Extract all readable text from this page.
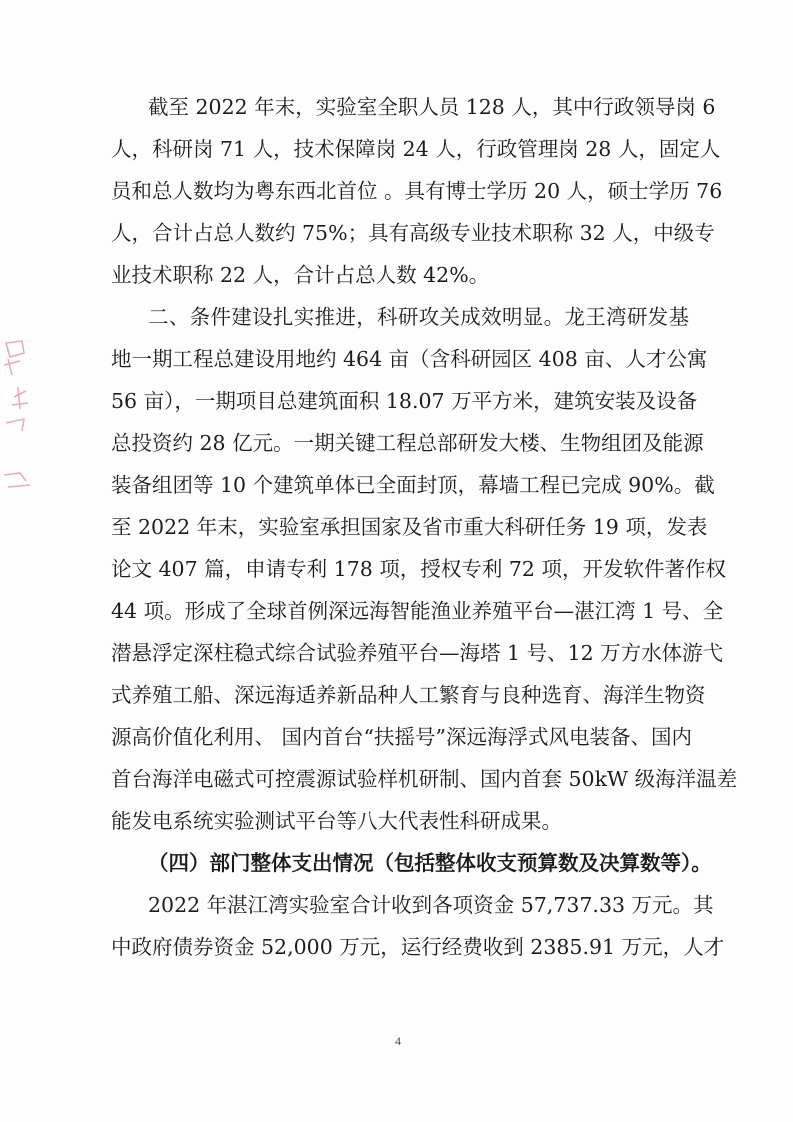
截至 2022 年末，实验室全职人员 128 人，其中行政领导岗 6
人，科研岗 71 人，技术保障岗 24 人，行政管理岗 28 人，固定人
员和总人数均为粤东西北首位 。具有博士学历 20 人，硕士学历 76
人，合计占总人数约 75%；具有高级专业技术职称 32 人，中级专
业技术职称 22 人，合计占总人数 42%。
二、条件建设扎实推进，科研攻关成效明显。龙王湾研发基
地一期工程总建设用地约 464 亩（含科研园区 408 亩、人才公寓
56 亩），一期项目总建筑面积 18.07 万平方米，建筑安装及设备
总投资约 28 亿元。一期关键工程总部研发大楼、生物组团及能源
装备组团等 10 个建筑单体已全面封顶，幕墙工程已完成 90%。截
至 2022 年末，实验室承担国家及省市重大科研任务 19 项，发表
论文 407 篇，申请专利 178 项，授权专利 72 项，开发软件著作权
44 项。形成了全球首例深远海智能渔业养殖平台—湛江湾 1 号、全
潜悬浮定深柱稳式综合试验养殖平台—海塔 1 号、12 万方水体游弋
式养殖工船、深远海适养新品种人工繁育与良种选育、海洋生物资
源高价值化利用、 国内首台“扶摇号”深远海浮式风电装备、国内
首台海洋电磁式可控震源试验样机研制、国内首套 50kW 级海洋温差
能发电系统实验测试平台等八大代表性科研成果。
（四）部门整体支出情况（包括整体收支预算数及决算数等）。
2022 年湛江湾实验室合计收到各项资金 57,737.33 万元。其
中政府债券资金 52,000 万元，运行经费收到 2385.91 万元，人才
4
